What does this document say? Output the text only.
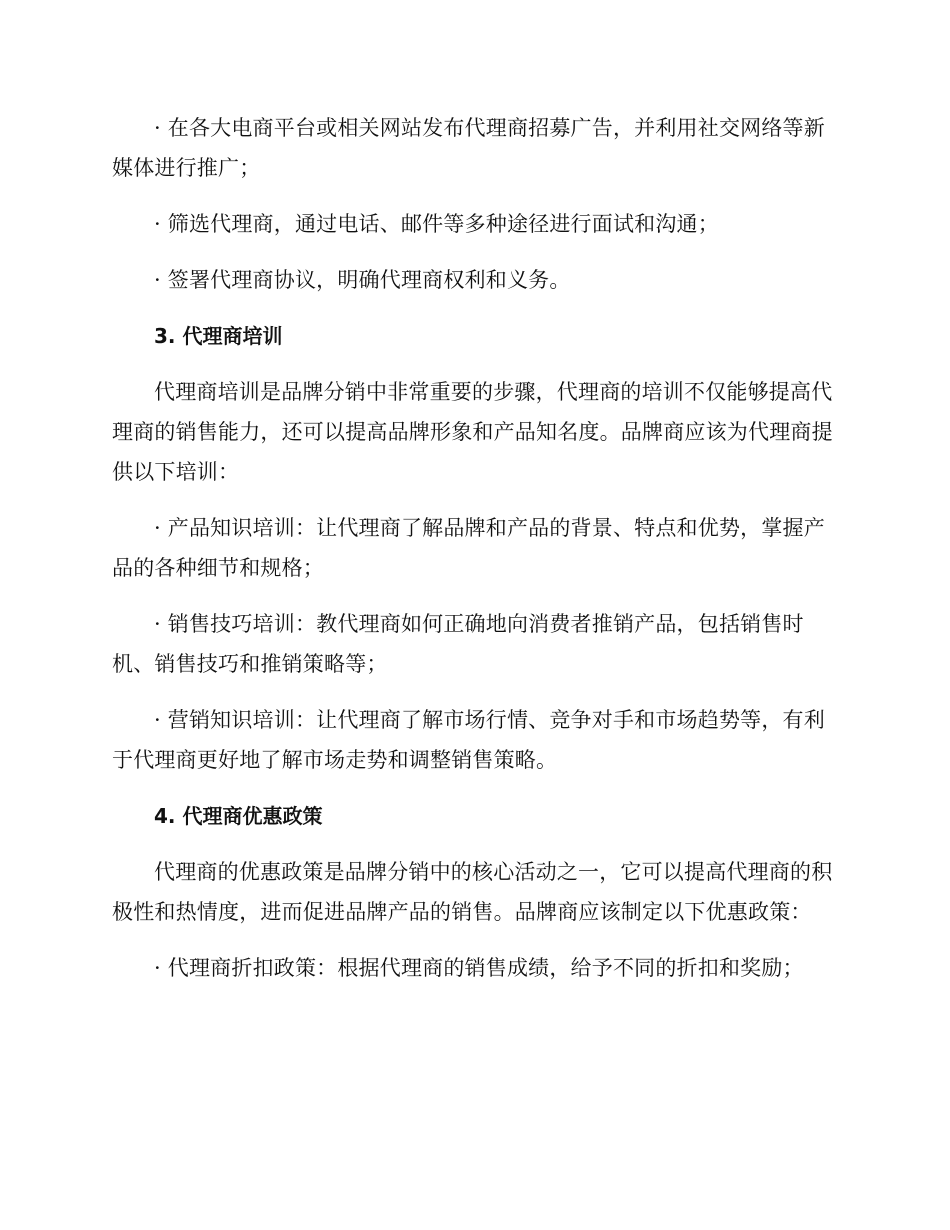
· 在各大电商平台或相关网站发布代理商招募广告，并利用社交网络等新媒体进行推广；

· 筛选代理商，通过电话、邮件等多种途径进行面试和沟通；

· 签署代理商协议，明确代理商权利和义务。

3. 代理商培训

代理商培训是品牌分销中非常重要的步骤，代理商的培训不仅能够提高代理商的销售能力，还可以提高品牌形象和产品知名度。品牌商应该为代理商提供以下培训：

· 产品知识培训：让代理商了解品牌和产品的背景、特点和优势，掌握产品的各种细节和规格；

· 销售技巧培训：教代理商如何正确地向消费者推销产品，包括销售时机、销售技巧和推销策略等；

· 营销知识培训：让代理商了解市场行情、竞争对手和市场趋势等，有利于代理商更好地了解市场走势和调整销售策略。

4. 代理商优惠政策

代理商的优惠政策是品牌分销中的核心活动之一，它可以提高代理商的积极性和热情度，进而促进品牌产品的销售。品牌商应该制定以下优惠政策：

· 代理商折扣政策：根据代理商的销售成绩，给予不同的折扣和奖励；
